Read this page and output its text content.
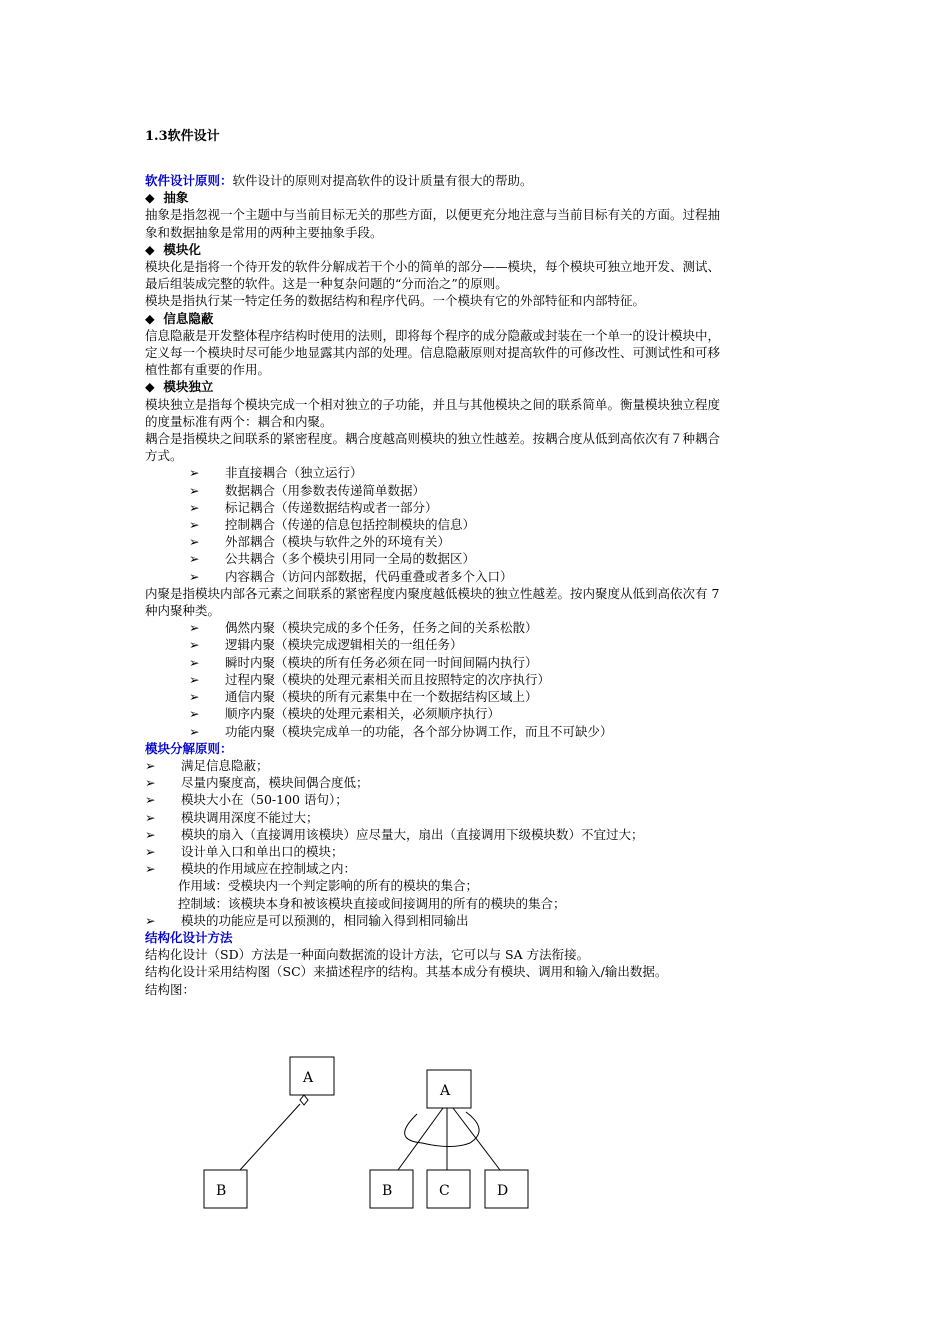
1.3软件设计
软件设计原则：软件设计的原则对提高软件的设计质量有很大的帮助。
◆ 抽象
抽象是指忽视一个主题中与当前目标无关的那些方面，以便更充分地注意与当前目标有关的方面。过程抽
象和数据抽象是常用的两种主要抽象手段。
◆ 模块化
模块化是指将一个待开发的软件分解成若干个小的简单的部分——模块，每个模块可独立地开发、测试、
最后组装成完整的软件。这是一种复杂问题的“分而治之”的原则。
模块是指执行某一特定任务的数据结构和程序代码。一个模块有它的外部特征和内部特征。
◆ 信息隐蔽
信息隐蔽是开发整体程序结构时使用的法则，即将每个程序的成分隐蔽或封装在一个单一的设计模块中，
定义每一个模块时尽可能少地显露其内部的处理。信息隐蔽原则对提高软件的可修改性、可测试性和可移
植性都有重要的作用。
◆ 模块独立
模块独立是指每个模块完成一个相对独立的子功能，并且与其他模块之间的联系简单。衡量模块独立程度
的度量标准有两个：耦合和内聚。
耦合是指模块之间联系的紧密程度。耦合度越高则模块的独立性越差。按耦合度从低到高依次有７种耦合
方式。
➢ 非直接耦合（独立运行）
➢ 数据耦合（用参数表传递简单数据）
➢ 标记耦合（传递数据结构或者一部分）
➢ 控制耦合（传递的信息包括控制模块的信息）
➢ 外部耦合（模块与软件之外的环境有关）
➢ 公共耦合（多个模块引用同一全局的数据区）
➢ 内容耦合（访问内部数据，代码重叠或者多个入口）
内聚是指模块内部各元素之间联系的紧密程度内聚度越低模块的独立性越差。按内聚度从低到高依次有 7
种内聚种类。
➢ 偶然内聚（模块完成的多个任务，任务之间的关系松散）
➢ 逻辑内聚（模块完成逻辑相关的一组任务）
➢ 瞬时内聚（模块的所有任务必须在同一时间间隔内执行）
➢ 过程内聚（模块的处理元素相关而且按照特定的次序执行）
➢ 通信内聚（模块的所有元素集中在一个数据结构区域上）
➢ 顺序内聚（模块的处理元素相关，必须顺序执行）
➢ 功能内聚（模块完成单一的功能，各个部分协调工作，而且不可缺少）
模块分解原则：
➢ 满足信息隐蔽；
➢ 尽量内聚度高，模块间偶合度低；
➢ 模块大小在（50-100 语句）；
➢ 模块调用深度不能过大；
➢ 模块的扇入（直接调用该模块）应尽量大，扇出（直接调用下级模块数）不宜过大；
➢ 设计单入口和单出口的模块；
➢ 模块的作用域应在控制域之内：
作用域：受模块内一个判定影响的所有的模块的集合；
控制域：该模块本身和被该模块直接或间接调用的所有的模块的集合；
➢ 模块的功能应是可以预测的，相同输入得到相同输出
结构化设计方法
结构化设计（SD）方法是一种面向数据流的设计方法，它可以与 SA 方法衔接。
结构化设计采用结构图（SC）来描述程序的结构。其基本成分有模块、调用和输入/输出数据。
结构图：
A
B
A
B	C	D
